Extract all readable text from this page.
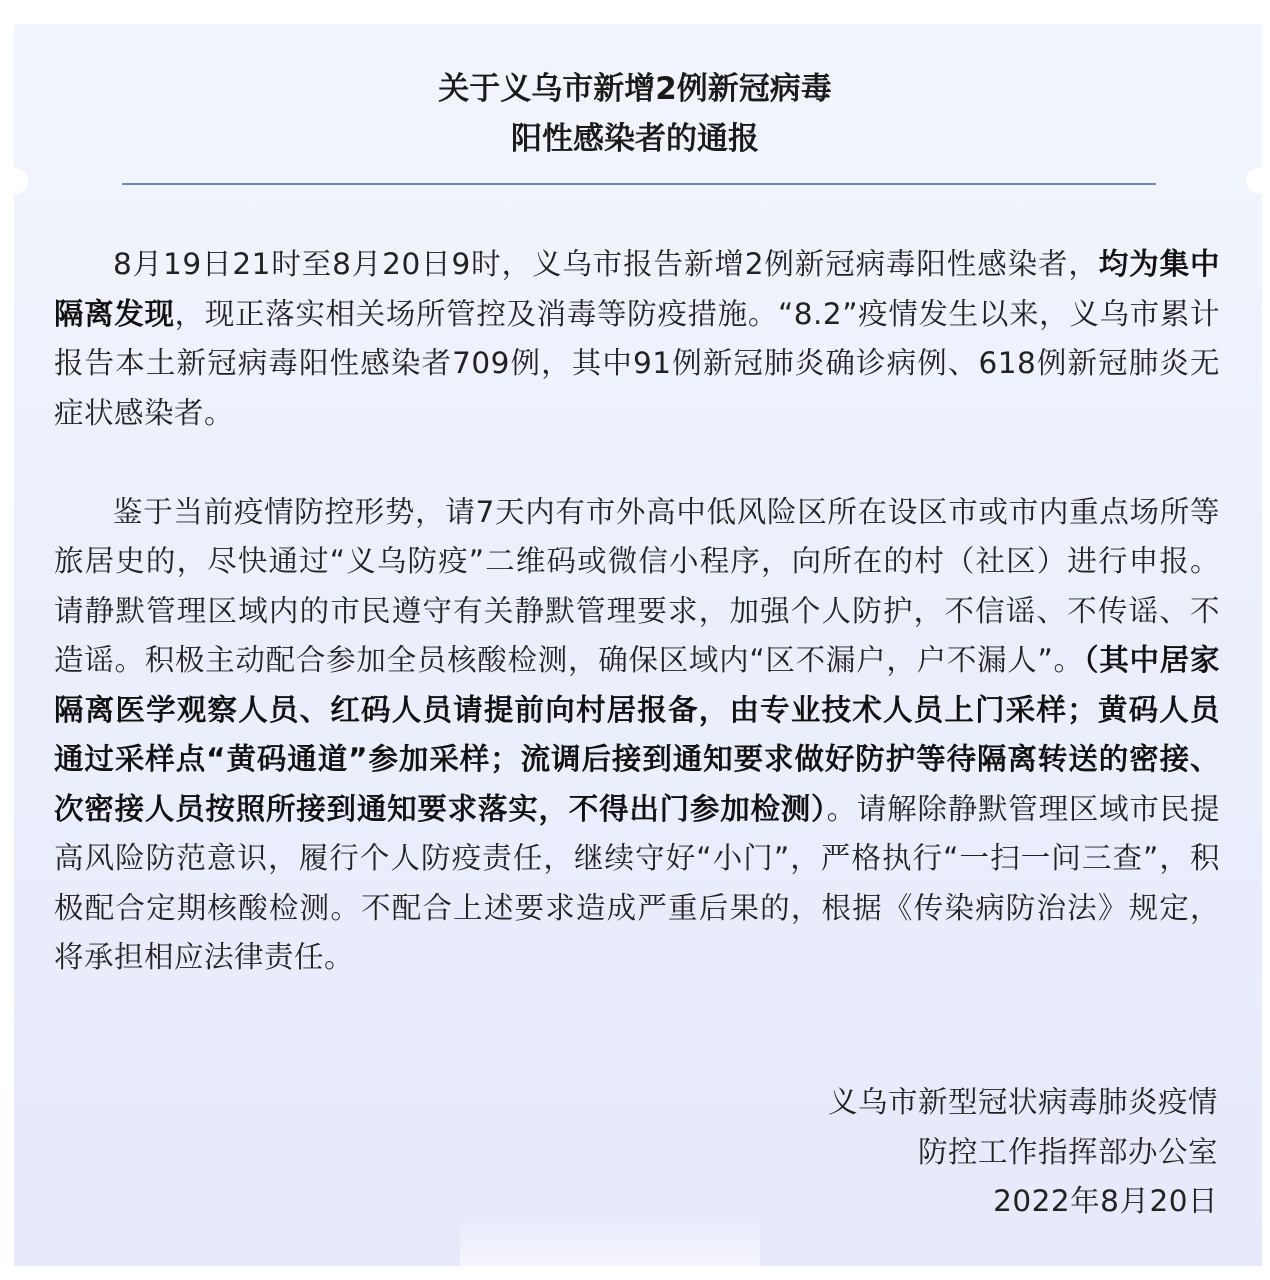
关于义乌市新增2例新冠病毒
阳性感染者的通报

8月19日21时至8月20日9时，义乌市报告新增2例新冠病毒阳性感染者，均为集中隔离发现，现正落实相关场所管控及消毒等防疫措施。“8.2”疫情发生以来，义乌市累计报告本土新冠病毒阳性感染者709例，其中91例新冠肺炎确诊病例、618例新冠肺炎无症状感染者。

鉴于当前疫情防控形势，请7天内有市外高中低风险区所在设区市或市内重点场所等旅居史的，尽快通过“义乌防疫”二维码或微信小程序，向所在的村（社区）进行申报。请静默管理区域内的市民遵守有关静默管理要求，加强个人防护，不信谣、不传谣、不造谣。积极主动配合参加全员核酸检测，确保区域内“区不漏户，户不漏人”。（其中居家隔离医学观察人员、红码人员请提前向村居报备，由专业技术人员上门采样；黄码人员通过采样点“黄码通道”参加采样；流调后接到通知要求做好防护等待隔离转送的密接、次密接人员按照所接到通知要求落实，不得出门参加检测）。请解除静默管理区域市民提高风险防范意识，履行个人防疫责任，继续守好“小门”，严格执行“一扫一问三查”，积极配合定期核酸检测。不配合上述要求造成严重后果的，根据《传染病防治法》规定，将承担相应法律责任。

义乌市新型冠状病毒肺炎疫情
防控工作指挥部办公室
2022年8月20日
